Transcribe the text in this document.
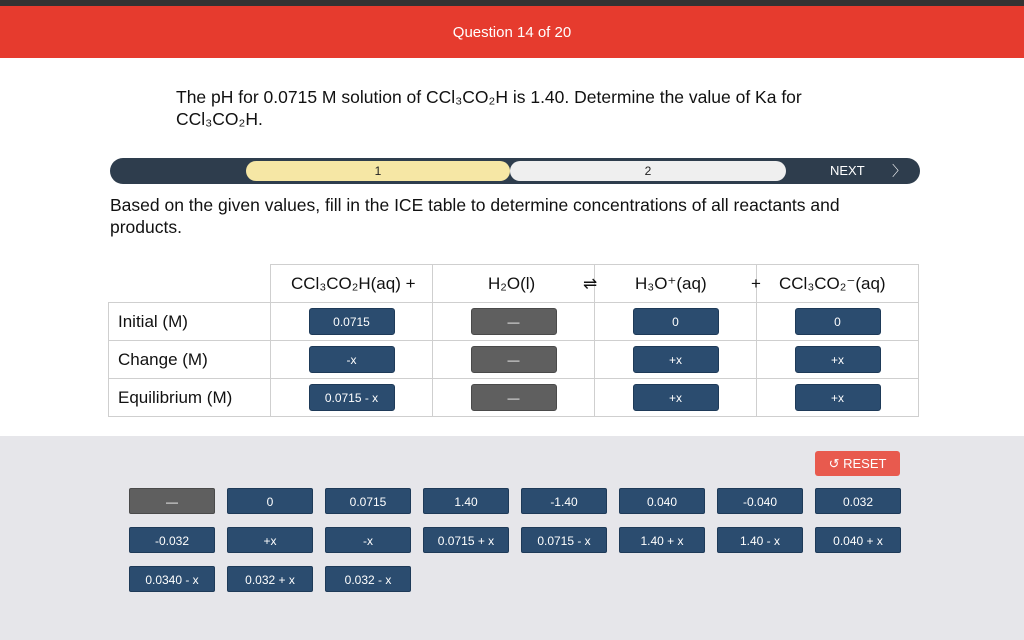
Question 14 of 20
The pH for 0.0715 M solution of CCl₃CO₂H is 1.40. Determine the value of Ka for
CCl₃CO₂H.
1	2	NEXT 〉
Based on the given values, fill in the ICE table to determine concentrations of all reactants and products.

	CCl₃CO₂H(aq) +	H₂O(l) ⇌	H₃O⁺(aq)	+ CCl₃CO₂⁻(aq)

Initial (M)	0.0715	—	0	0
Change (M)	-x	—	+x	+x
Equilibrium (M)	0.0715 - x	—	+x	+x
↺ RESET
—	0	0.0715	1.40	-1.40	0.040	-0.040	0.032
-0.032	+x	-x	0.0715 + x	0.0715 - x	1.40 + x	1.40 - x	0.040 + x
0.0340 - x	0.032 + x	0.032 - x
